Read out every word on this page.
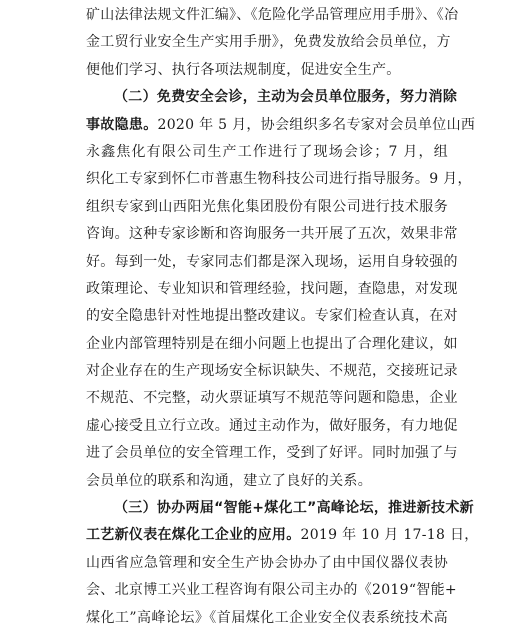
矿山法律法规文件汇编》、《危险化学品管理应用手册》、《冶
金工贸行业安全生产实用手册》，免费发放给会员单位，方
便他们学习、执行各项法规制度，促进安全生产。
（二）免费安全会诊，主动为会员单位服务，努力消除
事故隐患。2020 年 5 月，协会组织多名专家对会员单位山西
永鑫焦化有限公司生产工作进行了现场会诊；7 月，组
织化工专家到怀仁市普惠生物科技公司进行指导服务。9 月，
组织专家到山西阳光焦化集团股份有限公司进行技术服务
咨询。这种专家诊断和咨询服务一共开展了五次，效果非常
好。每到一处，专家同志们都是深入现场，运用自身较强的
政策理论、专业知识和管理经验，找问题，查隐患，对发现
的安全隐患针对性地提出整改建议。专家们检查认真，在对
企业内部管理特别是在细小问题上也提出了合理化建议，如
对企业存在的生产现场安全标识缺失、不规范，交接班记录
不规范、不完整，动火票证填写不规范等问题和隐患，企业
虚心接受且立行立改。通过主动作为，做好服务，有力地促
进了会员单位的安全管理工作，受到了好评。同时加强了与
会员单位的联系和沟通，建立了良好的关系。
（三）协办两届“智能+煤化工”高峰论坛，推进新技术新
工艺新仪表在煤化工企业的应用。2019 年 10 月 17-18 日，
山西省应急管理和安全生产协会协办了由中国仪器仪表协
会、北京博工兴业工程咨询有限公司主办的《2019“智能+
煤化工”高峰论坛》《首届煤化工企业安全仪表系统技术高
